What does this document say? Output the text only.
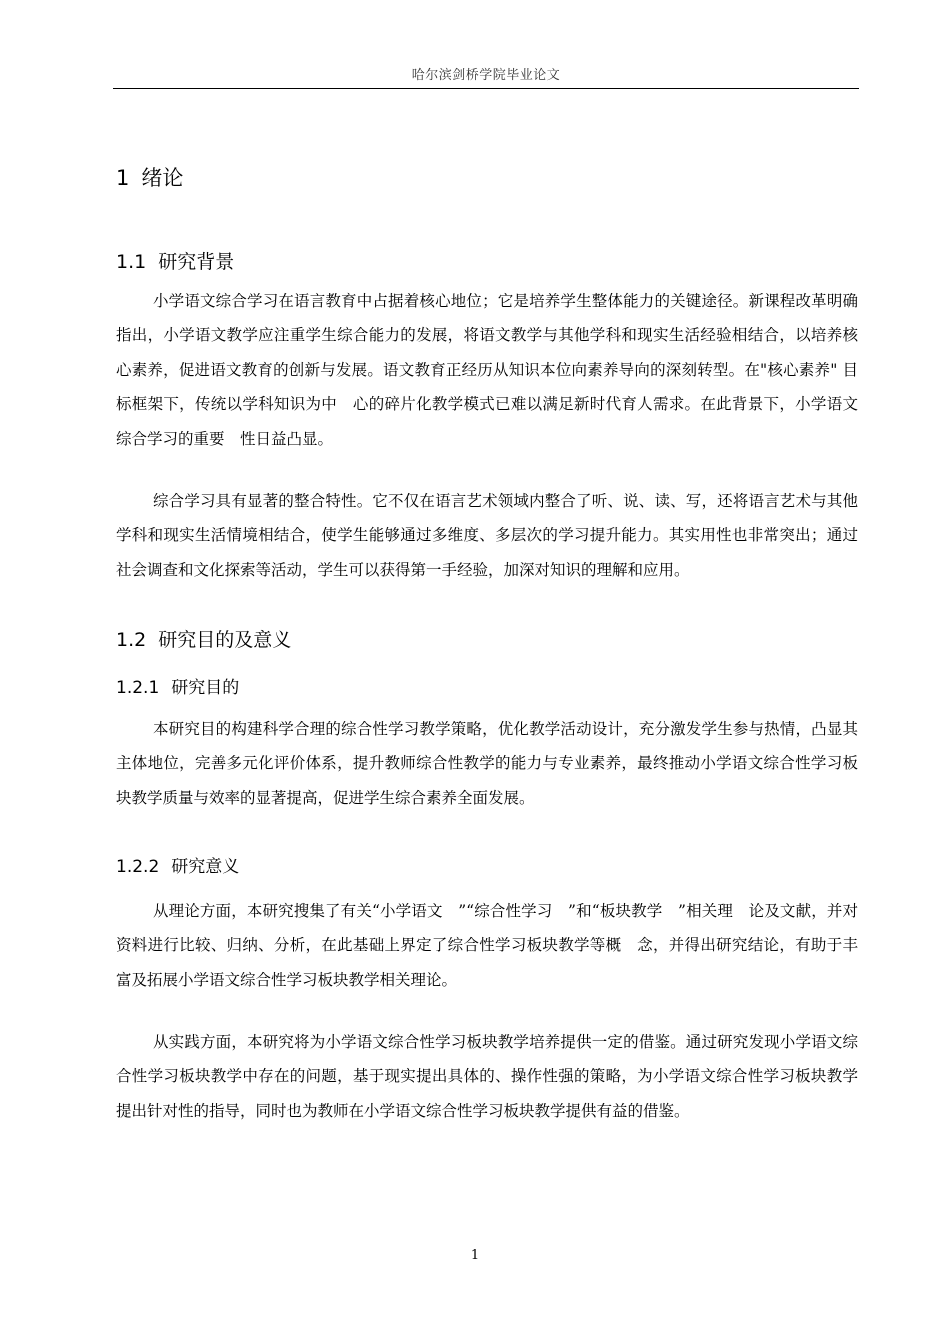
哈尔滨剑桥学院毕业论文
1 绪论
1.1 研究背景

小学语文综合学习在语言教育中占据着核心地位；它是培养学生整体能力的关键途径。新课程改革明确指出，小学语文教学应注重学生综合能力的发展，将语文教学与其他学科和现实生活经验相结合，以培养核心素养，促进语文教育的创新与发展。语文教育正经历从知识本位向素养导向的深刻转型。在"核心素养" 目标框架下，传统以学科知识为中　心的碎片化教学模式已难以满足新时代育人需求。在此背景下，小学语文综合学习的重要　性日益凸显。

综合学习具有显著的整合特性。它不仅在语言艺术领域内整合了听、说、读、写，还将语言艺术与其他学科和现实生活情境相结合，使学生能够通过多维度、多层次的学习提升能力。其实用性也非常突出；通过社会调查和文化探索等活动，学生可以获得第一手经验，加深对知识的理解和应用。

1.2 研究目的及意义
1.2.1 研究目的

本研究目的构建科学合理的综合性学习教学策略，优化教学活动设计，充分激发学生参与热情，凸显其主体地位，完善多元化评价体系，提升教师综合性教学的能力与专业素养，最终推动小学语文综合性学习板块教学质量与效率的显著提高，促进学生综合素养全面发展。

1.2.2 研究意义

从理论方面，本研究搜集了有关“小学语文　”“综合性学习　”和“板块教学　”相关理　论及文献，并对资料进行比较、归纳、分析，在此基础上界定了综合性学习板块教学等概　念，并得出研究结论，有助于丰富及拓展小学语文综合性学习板块教学相关理论。

从实践方面，本研究将为小学语文综合性学习板块教学培养提供一定的借鉴。通过研究发现小学语文综合性学习板块教学中存在的问题，基于现实提出具体的、操作性强的策略，为小学语文综合性学习板块教学提出针对性的指导，同时也为教师在小学语文综合性学习板块教学提供有益的借鉴。

1
